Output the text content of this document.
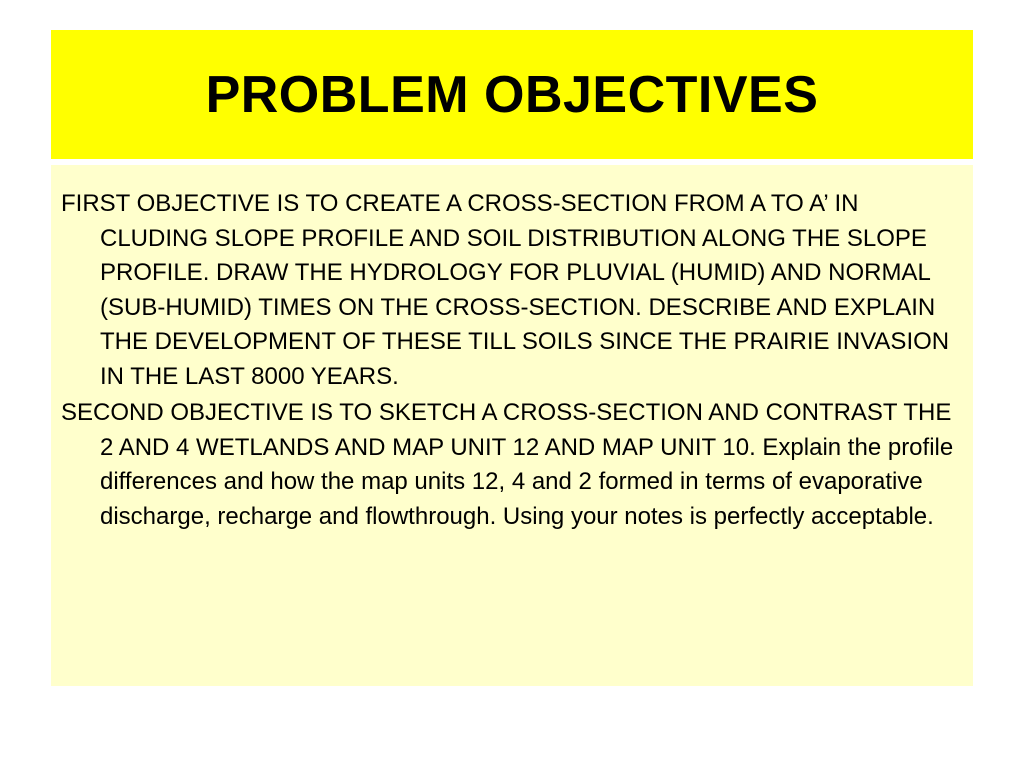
PROBLEM OBJECTIVES

FIRST OBJECTIVE IS TO CREATE A CROSS-SECTION FROM A TO A’ IN CLUDING SLOPE PROFILE AND SOIL DISTRIBUTION ALONG THE SLOPE PROFILE. DRAW THE HYDROLOGY FOR PLUVIAL (HUMID) AND NORMAL (SUB-HUMID) TIMES ON THE CROSS-SECTION. DESCRIBE AND EXPLAIN THE DEVELOPMENT OF THESE TILL SOILS SINCE THE PRAIRIE INVASION IN THE LAST 8000 YEARS.

SECOND OBJECTIVE IS TO SKETCH A CROSS-SECTION AND CONTRAST THE 2 AND 4 WETLANDS AND MAP UNIT 12 AND MAP UNIT 10. Explain the profile differences and how the map units 12, 4 and 2 formed in terms of evaporative discharge, recharge and flowthrough. Using your notes is perfectly acceptable.
